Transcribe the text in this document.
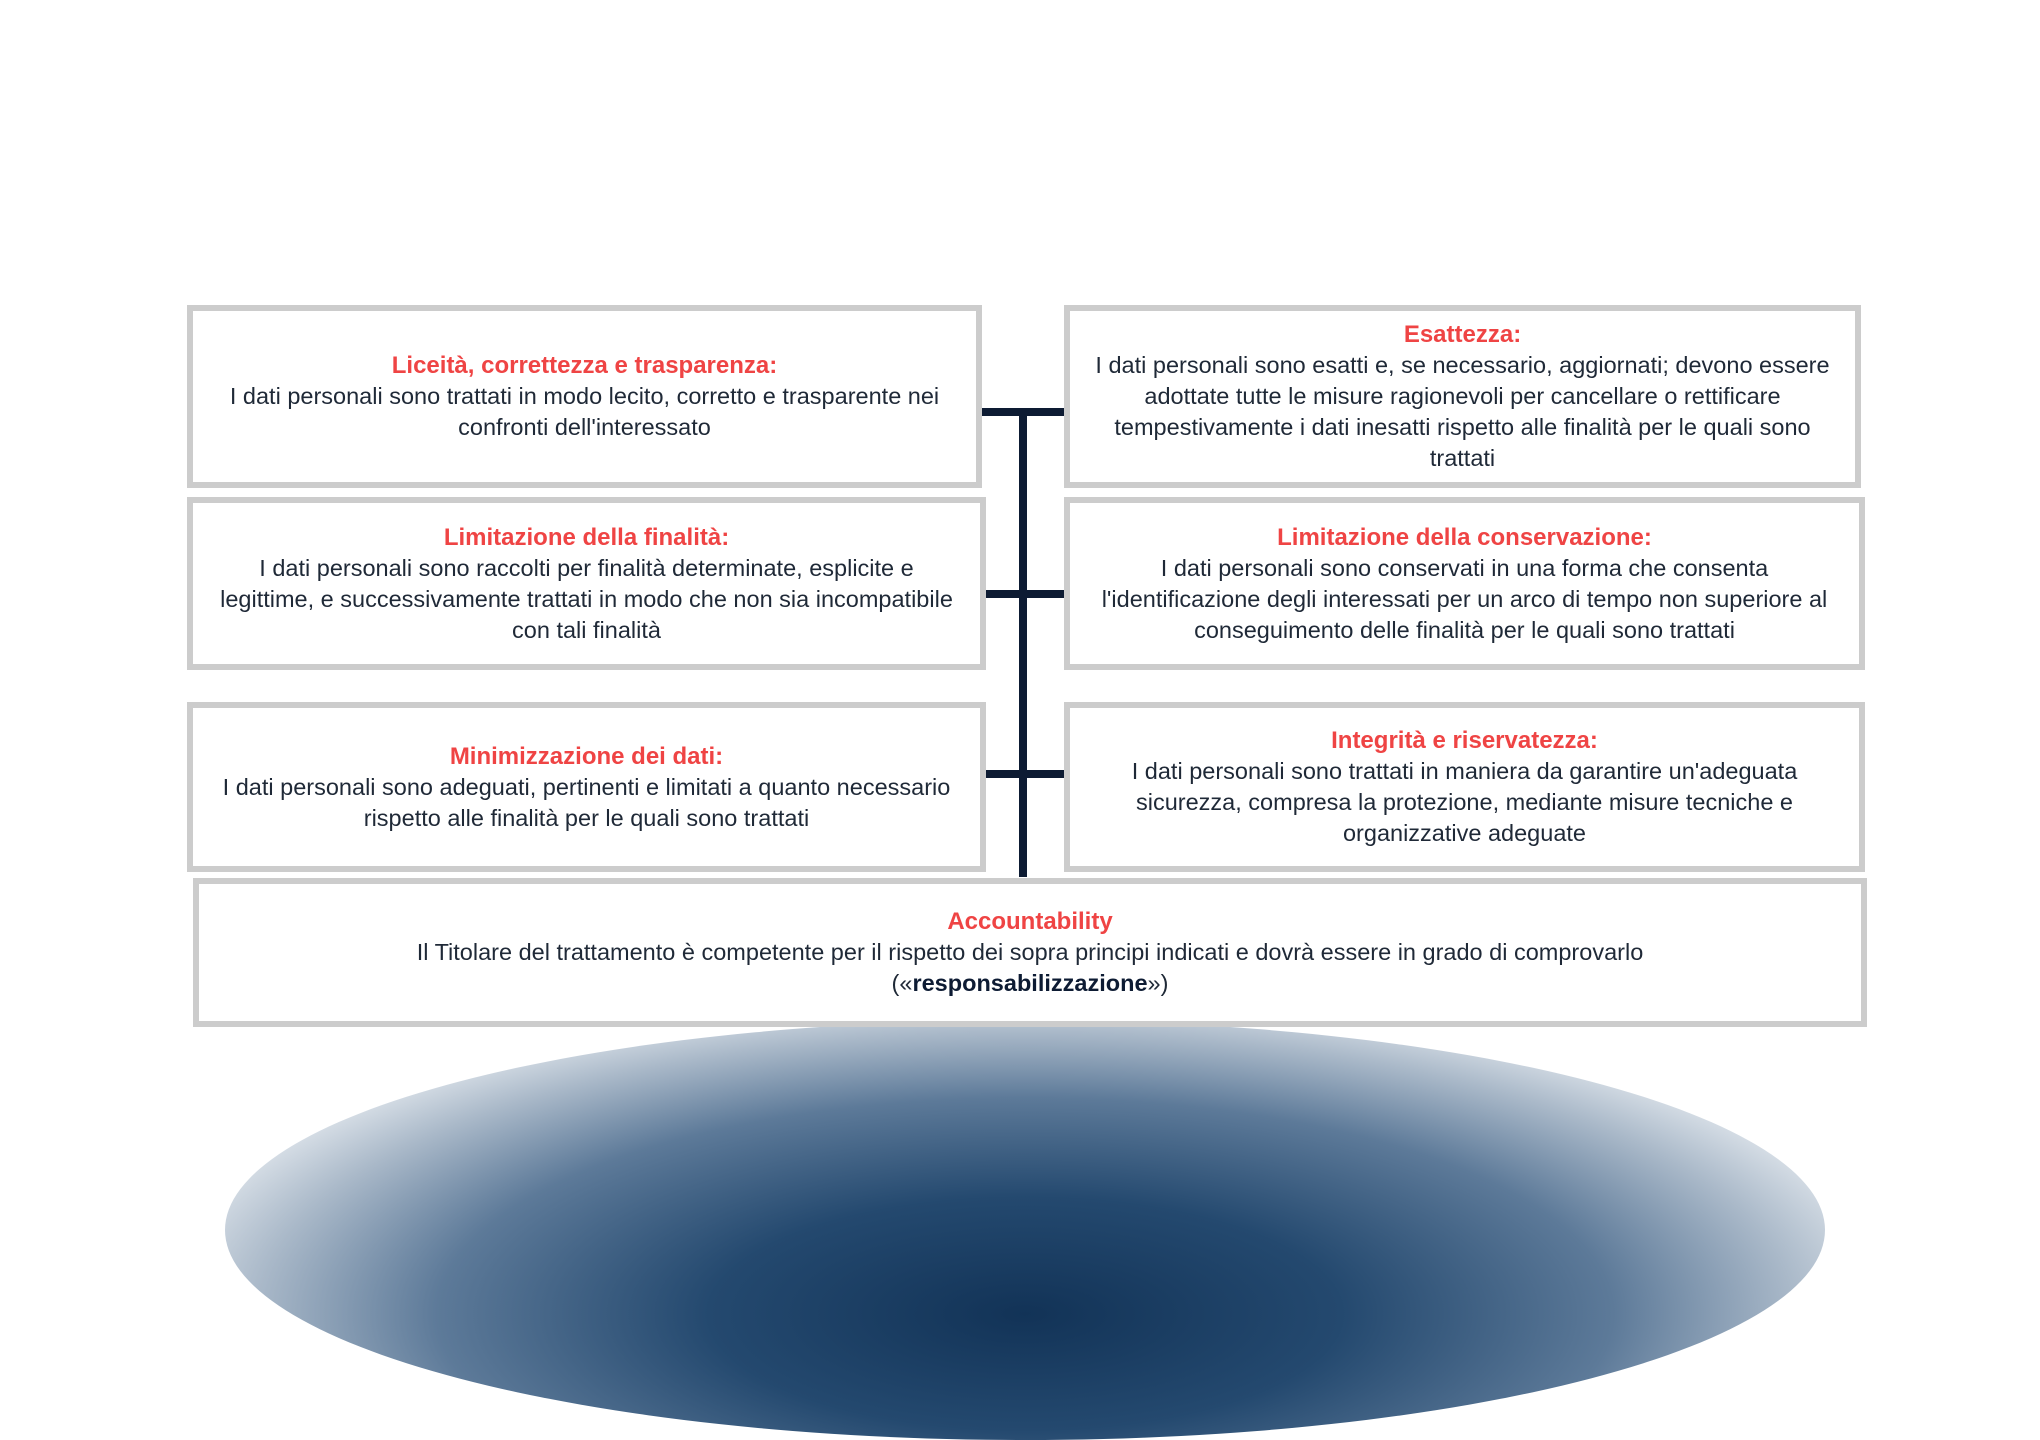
Liceità, correttezza e trasparenza:
I dati personali sono trattati in modo lecito, corretto e trasparente nei confronti dell'interessato
Esattezza:
I dati personali sono esatti e, se necessario, aggiornati; devono essere adottate tutte le misure ragionevoli per cancellare o rettificare tempestivamente i dati inesatti rispetto alle finalità per le quali sono trattati
Limitazione della finalità:
I dati personali sono raccolti per finalità determinate, esplicite e legittime, e successivamente trattati in modo che non sia incompatibile con tali finalità
Limitazione della conservazione:
I dati personali sono conservati in una forma che consenta l'identificazione degli interessati per un arco di tempo non superiore al conseguimento delle finalità per le quali sono trattati
Minimizzazione dei dati:
I dati personali sono adeguati, pertinenti e limitati a quanto necessario rispetto alle finalità per le quali sono trattati
Integrità e riservatezza:
I dati personali sono trattati in maniera da garantire un'adeguata sicurezza, compresa la protezione, mediante misure tecniche e organizzative adeguate
Accountability
Il Titolare del trattamento è competente per il rispetto dei sopra principi indicati e dovrà essere in grado di comprovarlo
(«responsabilizzazione»)
